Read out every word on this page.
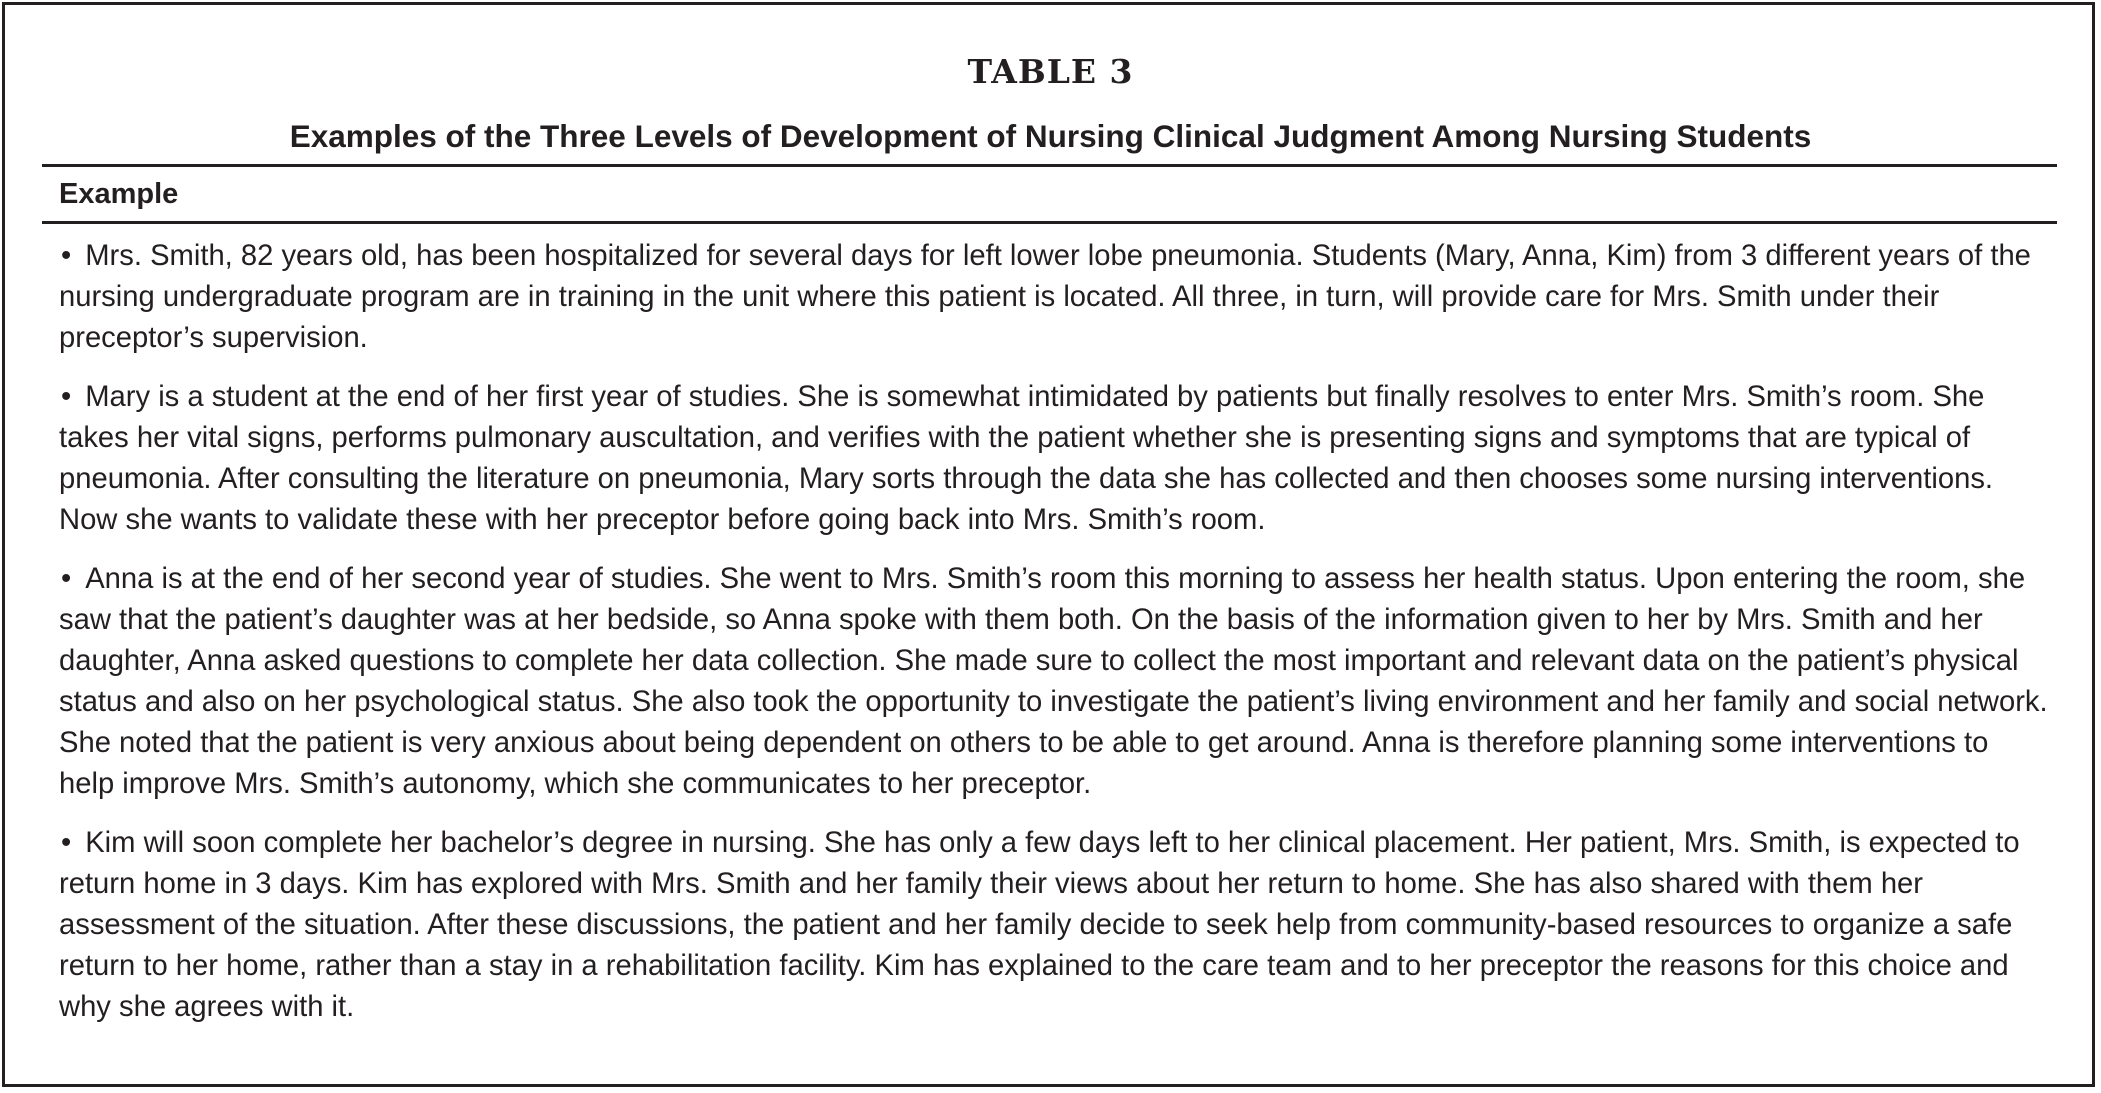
TABLE 3
Examples of the Three Levels of Development of Nursing Clinical Judgment Among Nursing Students
Example
• Mrs. Smith, 82 years old, has been hospitalized for several days for left lower lobe pneumonia. Students (Mary, Anna, Kim) from 3 different years of the nursing undergraduate program are in training in the unit where this patient is located. All three, in turn, will provide care for Mrs. Smith under their preceptor’s supervision.
• Mary is a student at the end of her first year of studies. She is somewhat intimidated by patients but finally resolves to enter Mrs. Smith’s room. She takes her vital signs, performs pulmonary auscultation, and verifies with the patient whether she is presenting signs and symptoms that are typical of pneumonia. After consulting the literature on pneumonia, Mary sorts through the data she has collected and then chooses some nursing interventions. Now she wants to validate these with her preceptor before going back into Mrs. Smith’s room.
• Anna is at the end of her second year of studies. She went to Mrs. Smith’s room this morning to assess her health status. Upon entering the room, she saw that the patient’s daughter was at her bedside, so Anna spoke with them both. On the basis of the information given to her by Mrs. Smith and her daughter, Anna asked questions to complete her data collection. She made sure to collect the most important and relevant data on the patient’s physical status and also on her psychological status. She also took the opportunity to investigate the patient’s living environment and her family and social network. She noted that the patient is very anxious about being dependent on others to be able to get around. Anna is therefore planning some interventions to help improve Mrs. Smith’s autonomy, which she communicates to her preceptor.
• Kim will soon complete her bachelor’s degree in nursing. She has only a few days left to her clinical placement. Her patient, Mrs. Smith, is expected to return home in 3 days. Kim has explored with Mrs. Smith and her family their views about her return to home. She has also shared with them her assessment of the situation. After these discussions, the patient and her family decide to seek help from community-based resources to organize a safe return to her home, rather than a stay in a rehabilitation facility. Kim has explained to the care team and to her preceptor the reasons for this choice and why she agrees with it.
